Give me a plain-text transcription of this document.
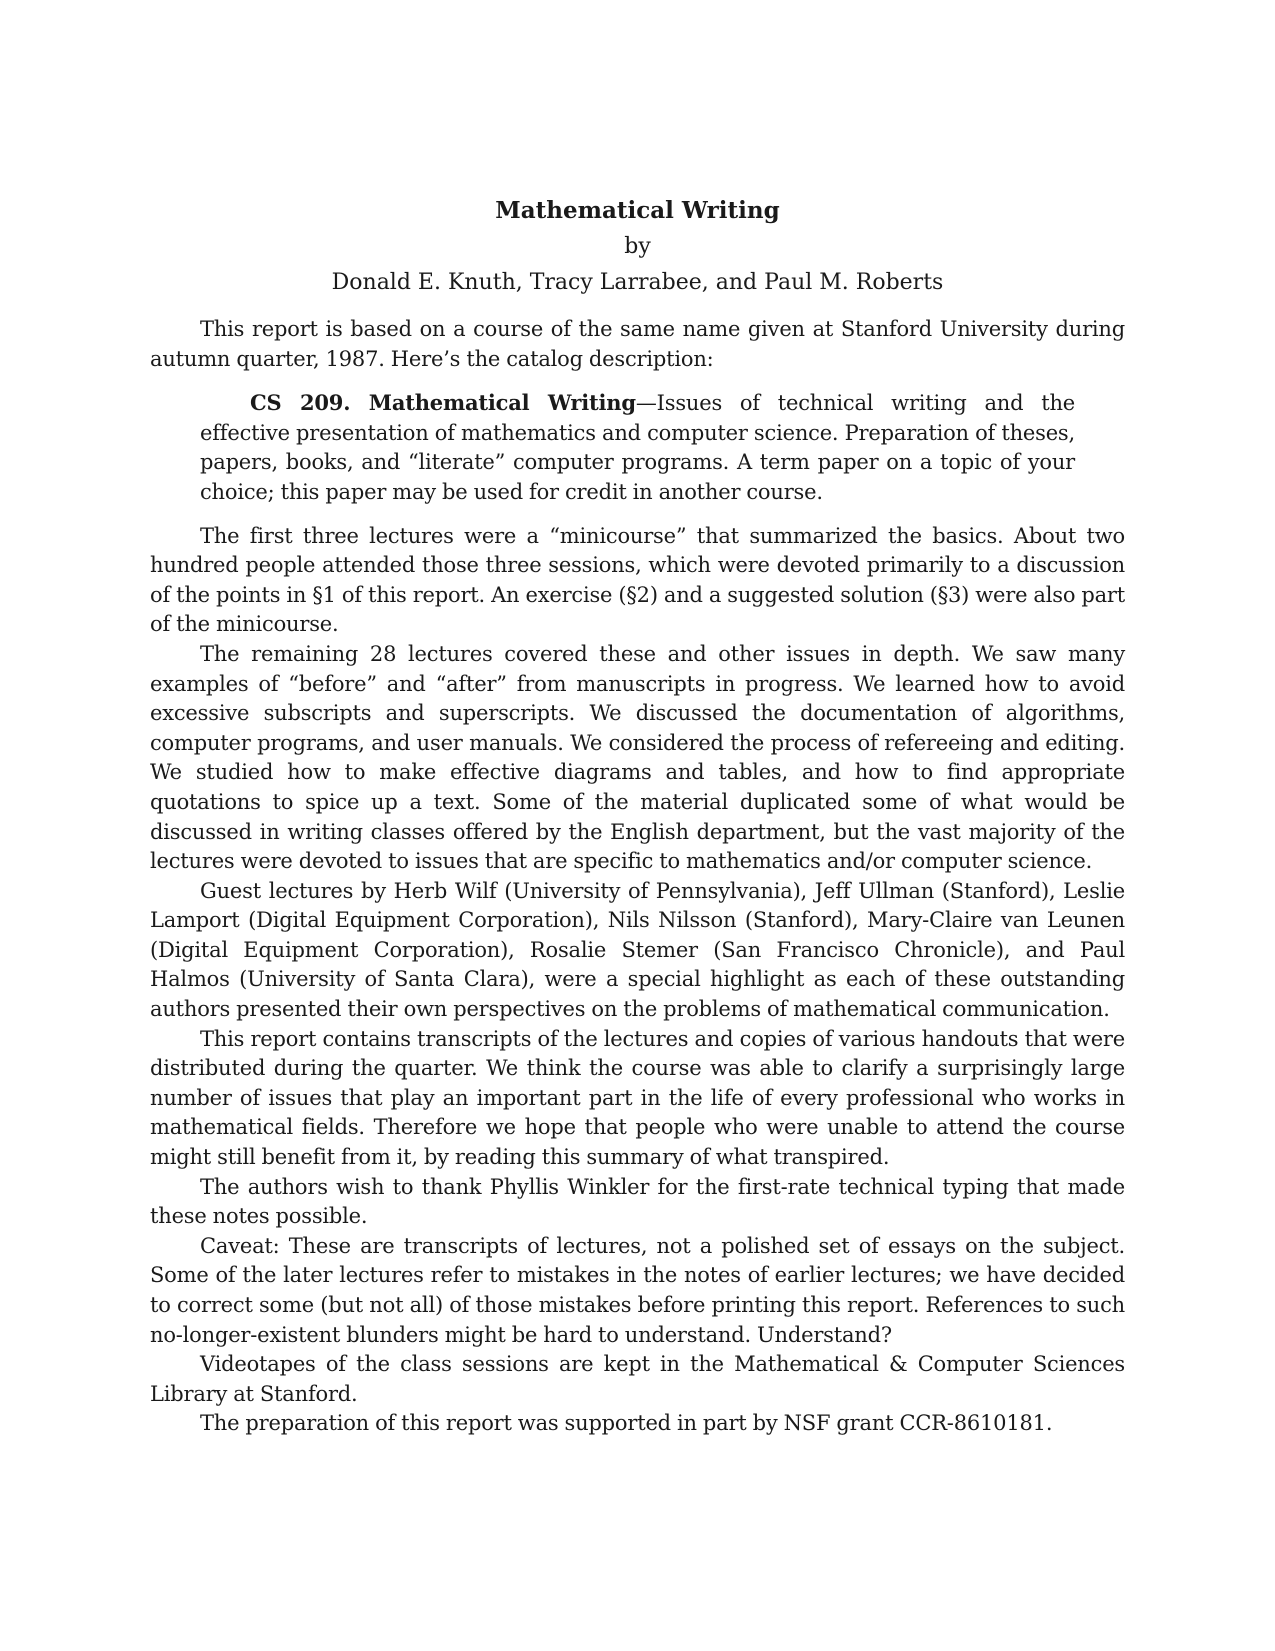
Mathematical Writing
by
Donald E. Knuth, Tracy Larrabee, and Paul M. Roberts

This report is based on a course of the same name given at Stanford University during autumn quarter, 1987. Here’s the catalog description:

CS 209. Mathematical Writing—Issues of technical writing and the effective presentation of mathematics and computer science. Preparation of theses, papers, books, and “literate” computer programs. A term paper on a topic of your choice; this paper may be used for credit in another course.

The first three lectures were a “minicourse” that summarized the basics. About two hundred people attended those three sessions, which were devoted primarily to a discussion of the points in §1 of this report. An exercise (§2) and a suggested solution (§3) were also part of the minicourse.

The remaining 28 lectures covered these and other issues in depth. We saw many examples of “before” and “after” from manuscripts in progress. We learned how to avoid excessive subscripts and superscripts. We discussed the documentation of algorithms, computer programs, and user manuals. We considered the process of refereeing and editing. We studied how to make effective diagrams and tables, and how to find appropriate quotations to spice up a text. Some of the material duplicated some of what would be discussed in writing classes offered by the English department, but the vast majority of the lectures were devoted to issues that are specific to mathematics and/or computer science.

Guest lectures by Herb Wilf (University of Pennsylvania), Jeff Ullman (Stanford), Leslie Lamport (Digital Equipment Corporation), Nils Nilsson (Stanford), Mary-Claire van Leunen (Digital Equipment Corporation), Rosalie Stemer (San Francisco Chronicle), and Paul Halmos (University of Santa Clara), were a special highlight as each of these outstanding authors presented their own perspectives on the problems of mathematical communication.

This report contains transcripts of the lectures and copies of various handouts that were distributed during the quarter. We think the course was able to clarify a surprisingly large number of issues that play an important part in the life of every professional who works in mathematical fields. Therefore we hope that people who were unable to attend the course might still benefit from it, by reading this summary of what transpired.

The authors wish to thank Phyllis Winkler for the first-rate technical typing that made these notes possible.

Caveat: These are transcripts of lectures, not a polished set of essays on the subject. Some of the later lectures refer to mistakes in the notes of earlier lectures; we have decided to correct some (but not all) of those mistakes before printing this report. References to such no-longer-existent blunders might be hard to understand. Understand?

Videotapes of the class sessions are kept in the Mathematical & Computer Sciences Library at Stanford.

The preparation of this report was supported in part by NSF grant CCR-8610181.
